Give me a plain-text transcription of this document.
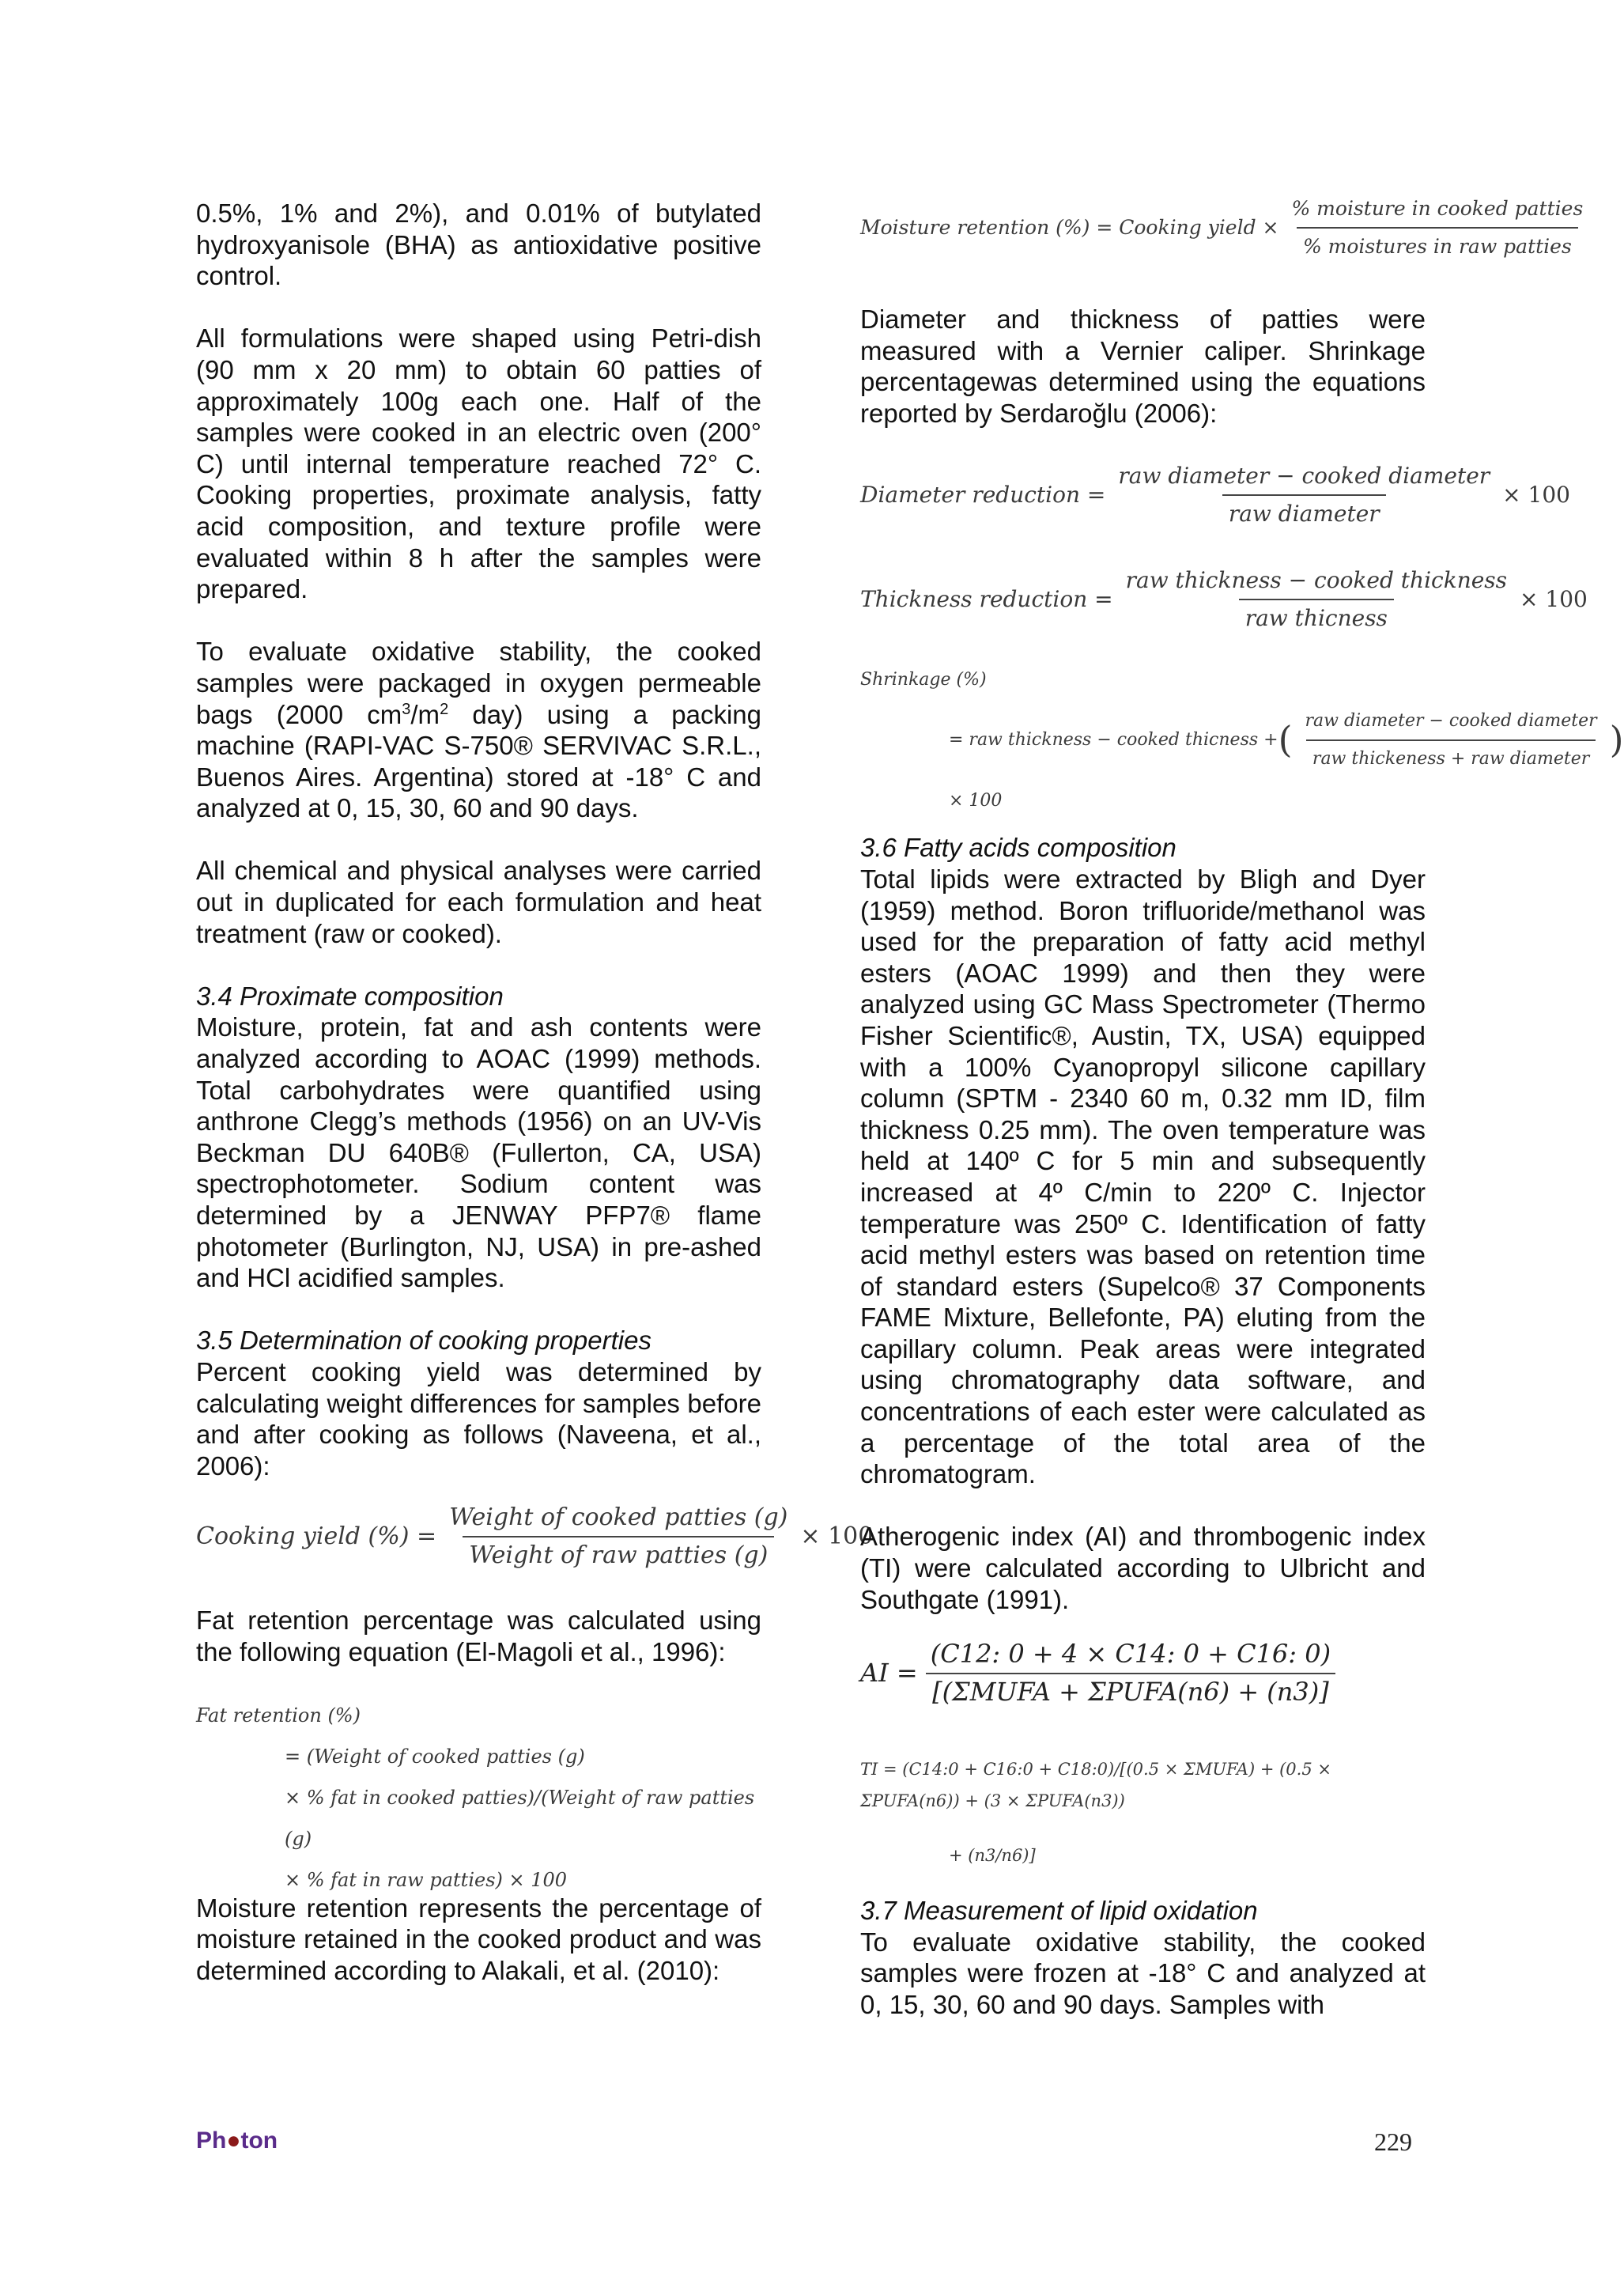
0.5%, 1% and 2%), and 0.01% of butylated hydroxyanisole (BHA) as antioxidative positive control.

All formulations were shaped using Petri-dish (90 mm x 20 mm) to obtain 60 patties of approximately 100g each one. Half of the samples were cooked in an electric oven (200° C) until internal temperature reached 72° C. Cooking properties, proximate analysis, fatty acid composition, and texture profile were evaluated within 8 h after the samples were prepared.

To evaluate oxidative stability, the cooked samples were packaged in oxygen permeable bags (2000 $cm^3/m^2$ day) using a packing machine (RAPI-VAC S-750® SERVIVAC S.R.L., Buenos Aires. Argentina) stored at -18° C and analyzed at 0, 15, 30, 60 and 90 days.

All chemical and physical analyses were carried out in duplicated for each formulation and heat treatment (raw or cooked).

3.4 Proximate composition

Moisture, protein, fat and ash contents were analyzed according to AOAC (1999) methods. Total carbohydrates were quantified using anthrone Clegg’s methods (1956) on an UV-Vis Beckman DU 640B® (Fullerton, CA, USA) spectrophotometer. Sodium content was determined by a JENWAY PFP7® flame photometer (Burlington, NJ, USA) in pre-ashed and HCl acidified samples.

3.5 Determination of cooking properties

Percent cooking yield was determined by calculating weight differences for samples before and after cooking as follows (Naveena, et al., 2006):

Cooking yield (%) = $\frac{\text{Weight of cooked patties (g)}}{\text{Weight of raw patties (g)}} \times 100$

Fat retention percentage was calculated using the following equation (El-Magoli et al., 1996):

Fat retention (%)
= (Weight of cooked patties (g)
× % fat in cooked patties)/(Weight of raw patties (g)
× % fat in raw patties) × 100

Moisture retention represents the percentage of moisture retained in the cooked product and was determined according to Alakali, et al. (2010):

Moisture retention (%) = Cooking yield × $\frac{\text{\% moisture in cooked patties}}{\text{\% moistures in raw patties}}$

Diameter and thickness of patties were measured with a Vernier caliper. Shrinkage percentagewas determined using the equations reported by Serdaroğlu (2006):

Diameter reduction = $\frac{\text{raw diameter − cooked diameter}}{\text{raw diameter}} \times 100$
Thickness reduction = $\frac{\text{raw thickness − cooked thickness}}{\text{raw thicness}} \times 100$
Shrinkage (%)
= raw thickness − cooked thicness + ( $\frac{\text{raw diameter − cooked diameter}}{\text{raw thickeness + raw diameter}}$ )
× 100

3.6 Fatty acids composition

Total lipids were extracted by Bligh and Dyer (1959) method. Boron trifluoride/methanol was used for the preparation of fatty acid methyl esters (AOAC 1999) and then they were analyzed using GC Mass Spectrometer (Thermo Fisher Scientific®, Austin, TX, USA) equipped with a 100% Cyanopropyl silicone capillary column (SPTM - 2340 60 m, 0.32 mm ID, film thickness 0.25 mm). The oven temperature was held at 140º C for 5 min and subsequently increased at 4º C/min to 220º C. Injector temperature was 250º C. Identification of fatty acid methyl esters was based on retention time of standard esters (Supelco® 37 Components FAME Mixture, Bellefonte, PA) eluting from the capillary column. Peak areas were integrated using chromatography data software, and concentrations of each ester were calculated as a percentage of the total area of the chromatogram.

Atherogenic index (AI) and thrombogenic index (TI) were calculated according to Ulbricht and Southgate (1991).

AI = $\frac{(C12: 0 + 4 \times C14: 0 + C16: 0)}{\text{[(ΣMUFA + ΣPUFA(n6) + (n3)]}}$
TI = (C14:0 + C16:0 + C18:0)/[(0.5 × ΣMUFA) + (0.5 × ΣPUFA(n6)) + (3 × ΣPUFA(n3))
+ (n3/n6)]

3.7 Measurement of lipid oxidation

To evaluate oxidative stability, the cooked samples were frozen at -18° C and analyzed at 0, 15, 30, 60 and 90 days. Samples with

Ph●ton	229
